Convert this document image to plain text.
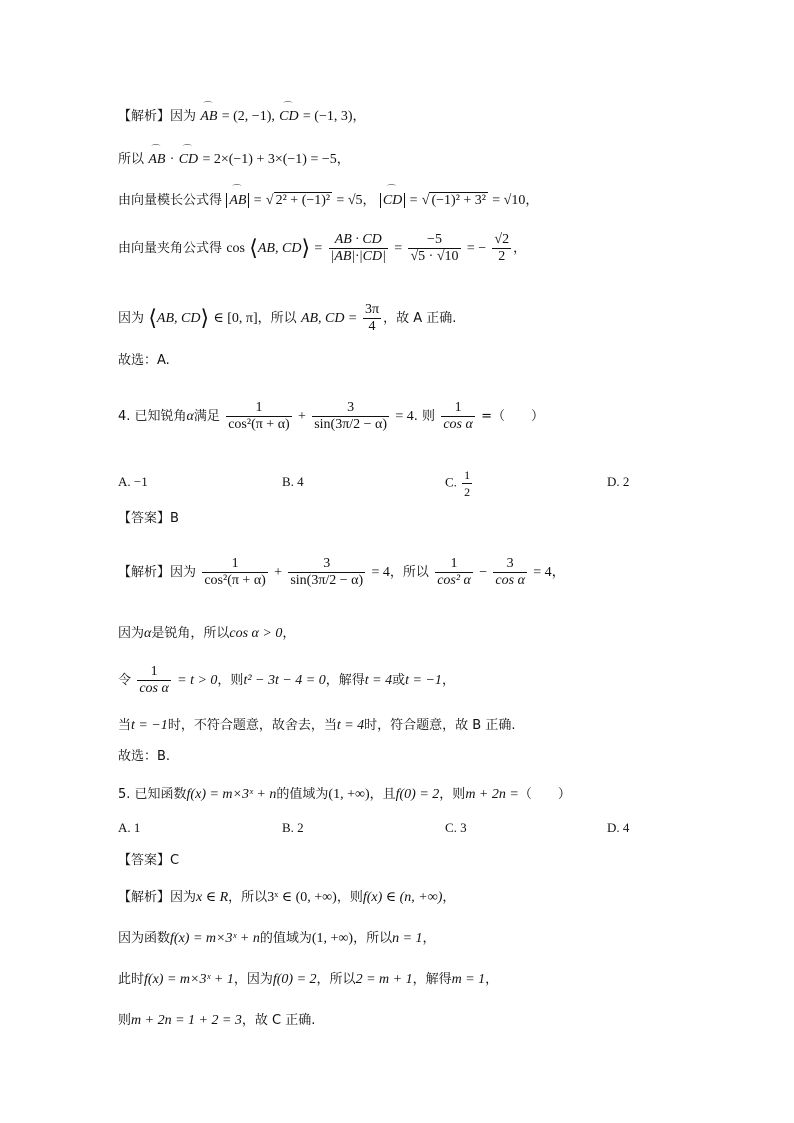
【解析】因为 ⌒ AB = (2, −1), ⌒ CD = (−1, 3)，
所以 ⌒ AB · ⌒ CD = 2×(−1) + 3×(−1) = −5，
由向量模长公式得 ⌒ AB = √ 2² + (−1)² = √5， ⌒ CD = √ (−1)² + 3² = √10，
由向量夹角公式得 cos ⟨AB, CD⟩ = $\frac{AB \cdot CD}{|AB|\cdot|CD|} = \frac{-5}{√5 \cdot √10}$ = − $\frac{√2}{2}$ ，
因为 ⟨AB, CD⟩ ∈ [0, π]，所以 AB, CD = $\frac{3\pi}{4}$ ，故 A 正确.
故选：A.
4. 已知锐角α满足 $\frac{1}{\text{cos²(π + α)}} + \frac{3}{\sin(3\pi/2 - \alpha)} = 4$. 则 $\frac{1}{\text{cos α}}$ =（　　）
A. −1	B. 4	C. $\frac{1}{2}$	D. 2
【答案】B
【解析】因为 $\frac{1}{\text{cos²(π + α)}} + \frac{3}{\sin(3\pi/2 - \alpha)} = 4$，所以 $\frac{1}{\text{cos² α}} - \frac{3}{\text{cos α}} = 4$，
因为α是锐角，所以cos α > 0，
令 $\frac{1}{\text{cos α}} = t > 0$，则t² − 3t − 4 = 0，解得t = 4或t = −1，
当t = −1时，不符合题意，故舍去，当t = 4时，符合题意，故 B 正确.
故选：B.
5. 已知函数f(x) = m×3ˣ + n的值域为(1, +∞)，且f(0) = 2，则m + 2n =（　　）
A. 1	B. 2	C. 3	D. 4
【答案】C
【解析】因为x ∈ R，所以3ˣ ∈ (0, +∞)，则f(x) ∈ (n, +∞)，
因为函数f(x) = m×3ˣ + n的值域为(1, +∞)，所以n = 1，
此时f(x) = m×3ˣ + 1，因为f(0) = 2，所以2 = m + 1，解得m = 1，
则m + 2n = 1 + 2 = 3，故 C 正确.
